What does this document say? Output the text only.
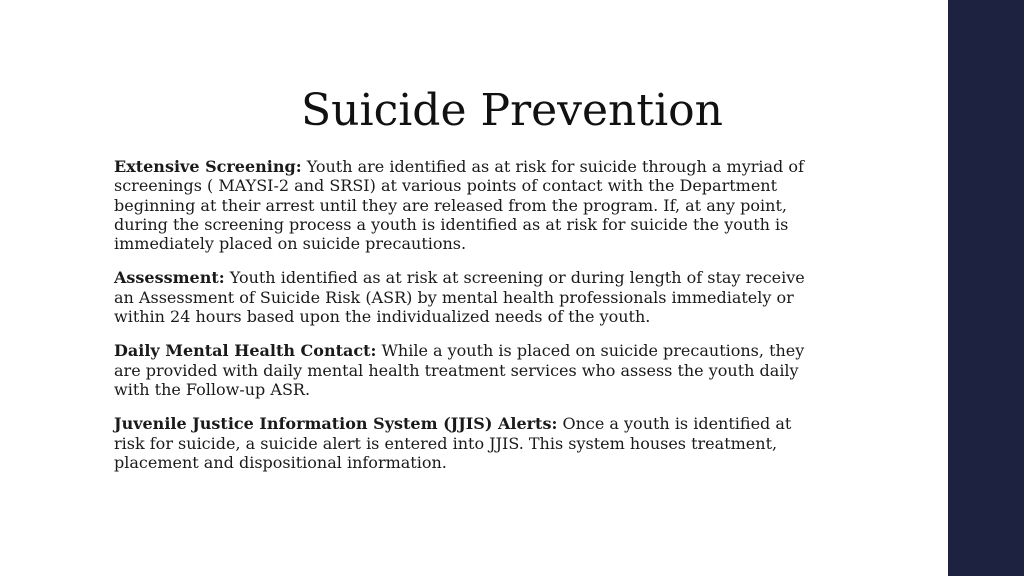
Suicide Prevention

Extensive Screening: Youth are identified as at risk for suicide through a myriad of screenings ( MAYSI-2 and SRSI) at various points of contact with the Department beginning at their arrest until they are released from the program. If, at any point, during the screening process a youth is identified as at risk for suicide the youth is immediately placed on suicide precautions.

Assessment: Youth identified as at risk at screening or during length of stay receive an Assessment of Suicide Risk (ASR) by mental health professionals immediately or within 24 hours based upon the individualized needs of the youth.

Daily Mental Health Contact: While a youth is placed on suicide precautions, they are provided with daily mental health treatment services who assess the youth daily with the Follow-up ASR.

Juvenile Justice Information System (JJIS) Alerts: Once a youth is identified at risk for suicide, a suicide alert is entered into JJIS. This system houses treatment, placement and dispositional information.
